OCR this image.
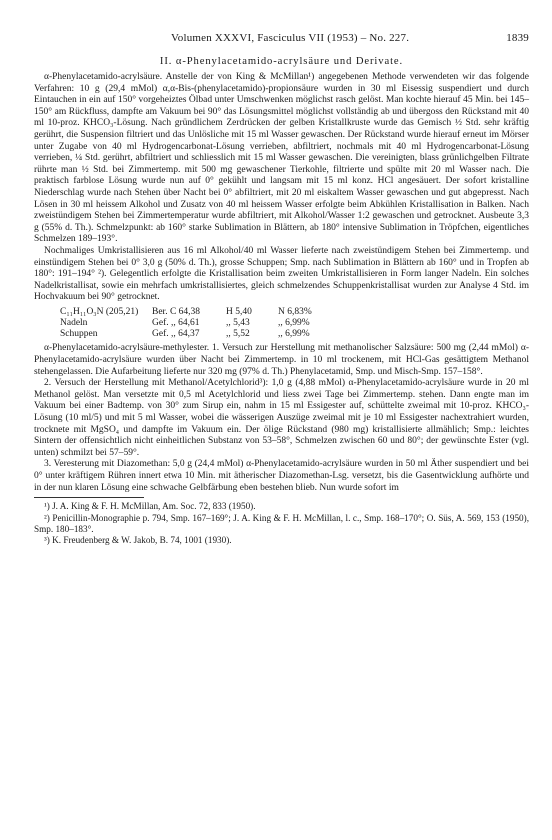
Volumen XXXVI, Fasciculus VII (1953) – No. 227.	1839
II. α-Phenylacetamido-acrylsäure und Derivate.

α-Phenylacetamido-acrylsäure. Anstelle der von King & McMillan¹) angegebenen Methode verwendeten wir das folgende Verfahren: 10 g (29,4 mMol) α,α-Bis-(phenylacetamido)-propionsäure wurden in 30 ml Eisessig suspendiert und durch Eintauchen in ein auf 150° vorgeheiztes Ölbad unter Umschwenken möglichst rasch gelöst. Man kochte hierauf 45 Min. bei 145–150° am Rückfluss, dampfte am Vakuum bei 90° das Lösungsmittel möglichst vollständig ab und übergoss den Rückstand mit 40 ml 10-proz. KHCO₃-Lösung. Nach gründlichem Zerdrücken der gelben Kristallkruste wurde das Gemisch ½ Std. sehr kräftig gerührt, die Suspension filtriert und das Unlösliche mit 15 ml Wasser gewaschen. Der Rückstand wurde hierauf erneut im Mörser unter Zugabe von 40 ml Hydrogencarbonat-Lösung verrieben, abfiltriert, nochmals mit 40 ml Hydrogencarbonat-Lösung verrieben, ¼ Std. gerührt, abfiltriert und schliesslich mit 15 ml Wasser gewaschen. Die vereinigten, blass grünlichgelben Filtrate rührte man ½ Std. bei Zimmertemp. mit 500 mg gewaschener Tierkohle, filtrierte und spülte mit 20 ml Wasser nach. Die praktisch farblose Lösung wurde nun auf 0° gekühlt und langsam mit 15 ml konz. HCl angesäuert. Der sofort kristalline Niederschlag wurde nach Stehen über Nacht bei 0° abfiltriert, mit 20 ml eiskaltem Wasser gewaschen und gut abgepresst. Nach Lösen in 30 ml heissem Alkohol und Zusatz von 40 ml heissem Wasser erfolgte beim Abkühlen Kristallisation in Balken. Nach zweistündigem Stehen bei Zimmertemperatur wurde abfiltriert, mit Alkohol/Wasser 1:2 gewaschen und getrocknet. Ausbeute 3,3 g (55% d. Th.). Schmelzpunkt: ab 160° starke Sublimation in Blättern, ab 180° intensive Sublimation in Tröpfchen, eigentliches Schmelzen 189–193°.

Nochmaliges Umkristallisieren aus 16 ml Alkohol/40 ml Wasser lieferte nach zweistündigem Stehen bei Zimmertemp. und einstündigem Stehen bei 0° 3,0 g (50% d. Th.), grosse Schuppen; Smp. nach Sublimation in Blättern ab 160° und in Tropfen ab 180°: 191–194° ²). Gelegentlich erfolgte die Kristallisation beim zweiten Umkristallisieren in Form langer Nadeln. Ein solches Nadelkristallisat, sowie ein mehrfach umkristallisiertes, gleich schmelzendes Schuppenkristallisat wurden zur Analyse 4 Std. im Hochvakuum bei 90° getrocknet.

C₁₁H₁₁O₃N (205,21)	Ber. C 64,38	H 5,40	N 6,83%
Nadeln	Gef. ,, 64,61	,, 5,43	,, 6,99%
Schuppen	Gef. ,, 64,37	,, 5,52	,, 6,99%

α-Phenylacetamido-acrylsäure-methylester. 1. Versuch zur Herstellung mit methanolischer Salzsäure: 500 mg (2,44 mMol) α-Phenylacetamido-acrylsäure wurden über Nacht bei Zimmertemp. in 10 ml trockenem, mit HCl-Gas gesättigtem Methanol stehengelassen. Die Aufarbeitung lieferte nur 320 mg (97% d. Th.) Phenylacetamid, Smp. und Misch-Smp. 157–158°.

2. Versuch der Herstellung mit Methanol/Acetylchlorid³): 1,0 g (4,88 mMol) α-Phenylacetamido-acrylsäure wurde in 20 ml Methanol gelöst. Man versetzte mit 0,5 ml Acetylchlorid und liess zwei Tage bei Zimmertemp. stehen. Dann engte man im Vakuum bei einer Badtemp. von 30° zum Sirup ein, nahm in 15 ml Essigester auf, schüttelte zweimal mit 10-proz. KHCO₃-Lösung (10 ml/5) und mit 5 ml Wasser, wobei die wässerigen Auszüge zweimal mit je 10 ml Essigester nachextrahiert wurden, trocknete mit MgSO₄ und dampfte im Vakuum ein. Der ölige Rückstand (980 mg) kristallisierte allmählich; Smp.: leichtes Sintern der offensichtlich nicht einheitlichen Substanz von 53–58°, Schmelzen zwischen 60 und 80°; der gewünschte Ester (vgl. unten) schmilzt bei 57–59°.

3. Veresterung mit Diazomethan: 5,0 g (24,4 mMol) α-Phenylacetamido-acrylsäure wurden in 50 ml Äther suspendiert und bei 0° unter kräftigem Rühren innert etwa 10 Min. mit ätherischer Diazomethan-Lsg. versetzt, bis die Gasentwicklung aufhörte und in der nun klaren Lösung eine schwache Gelbfärbung eben bestehen blieb. Nun wurde sofort im

¹) J. A. King & F. H. McMillan, Am. Soc. 72, 833 (1950).

²) Penicillin-Monographie p. 794, Smp. 167–169°; J. A. King & F. H. McMillan, l. c., Smp. 168–170°; O. Süs, A. 569, 153 (1950), Smp. 180–183°.

³) K. Freudenberg & W. Jakob, B. 74, 1001 (1930).
